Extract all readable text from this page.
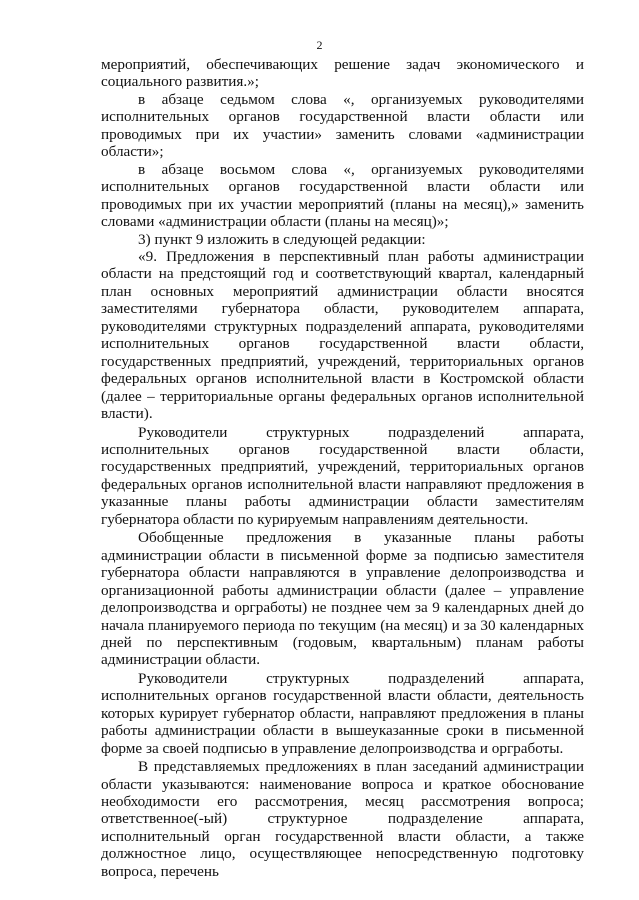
2

мероприятий, обеспечивающих решение задач экономического и социального развития.»;

в абзаце седьмом слова «, организуемых руководителями исполнительных органов государственной власти области или проводимых при их участии» заменить словами «администрации области»;

в абзаце восьмом слова «, организуемых руководителями исполнительных органов государственной власти области или проводимых при их участии мероприятий (планы на месяц),» заменить словами «администрации области (планы на месяц)»;

3) пункт 9 изложить в следующей редакции:

«9. Предложения в перспективный план работы администрации области на предстоящий год и соответствующий квартал, календарный план основных мероприятий администрации области вносятся заместителями губернатора области, руководителем аппарата, руководителями структурных подразделений аппарата, руководителями исполнительных органов государственной власти области, государственных предприятий, учреждений, территориальных органов федеральных органов исполнительной власти в Костромской области (далее – территориальные органы федеральных органов исполнительной власти).

Руководители структурных подразделений аппарата, исполнительных органов государственной власти области, государственных предприятий, учреждений, территориальных органов федеральных органов исполнительной власти направляют предложения в указанные планы работы администрации области заместителям губернатора области по курируемым направлениям деятельности.

Обобщенные предложения в указанные планы работы администрации области в письменной форме за подписью заместителя губернатора области направляются в управление делопроизводства и организационной работы администрации области (далее – управление делопроизводства и оргработы) не позднее чем за 9 календарных дней до начала планируемого периода по текущим (на месяц) и за 30 календарных дней по перспективным (годовым, квартальным) планам работы администрации области.

Руководители структурных подразделений аппарата, исполнительных органов государственной власти области, деятельность которых курирует губернатор области, направляют предложения в планы работы администрации области в вышеуказанные сроки в письменной форме за своей подписью в управление делопроизводства и оргработы.

В представляемых предложениях в план заседаний администрации области указываются: наименование вопроса и краткое обоснование необходимости его рассмотрения, месяц рассмотрения вопроса; ответственное(-ый) структурное подразделение аппарата, исполнительный орган государственной власти области, а также должностное лицо, осуществляющее непосредственную подготовку вопроса, перечень
